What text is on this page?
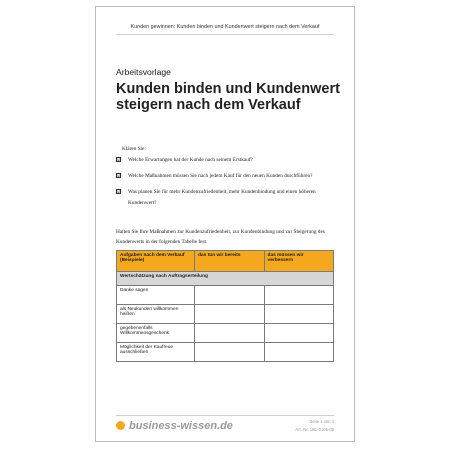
Kunden gewinnen: Kunden binden und Kundenwert steigern nach dem Verkauf
Arbeitsvorlage
Kunden binden und Kundenwert steigern nach dem Verkauf
Klären Sie:
☑ Welche Erwartungen hat der Kunde nach seinem Erstkauf?
☑ Welche Maßnahmen müssen Sie nach jedem Kauf für den neuen Kunden durchführen?
☑ Was planen Sie für mehr Kundenzufriedenheit, mehr Kundenbindung und einen höheren Kundenwert?
Halten Sie Ihre Maßnahmen zur Kundenzufriedenheit, zur Kundenbindung und zur Steigerung des Kundenwerts in der folgenden Tabelle fest.
Aufgaben nach dem Verkauf (Beispiele)	das tun wir bereits	das müssen wir verbessern
Wertschätzung nach Auftragserteilung		
Danke sagen		
als Neukunden willkommen heißen		
gegebenenfalls Willkommensgeschenk		
Möglichkeit der Kaufreue ausschließen		
business-wissen.de	Seite 1 von 4
Art.-Nr. 1BL-0105-06
